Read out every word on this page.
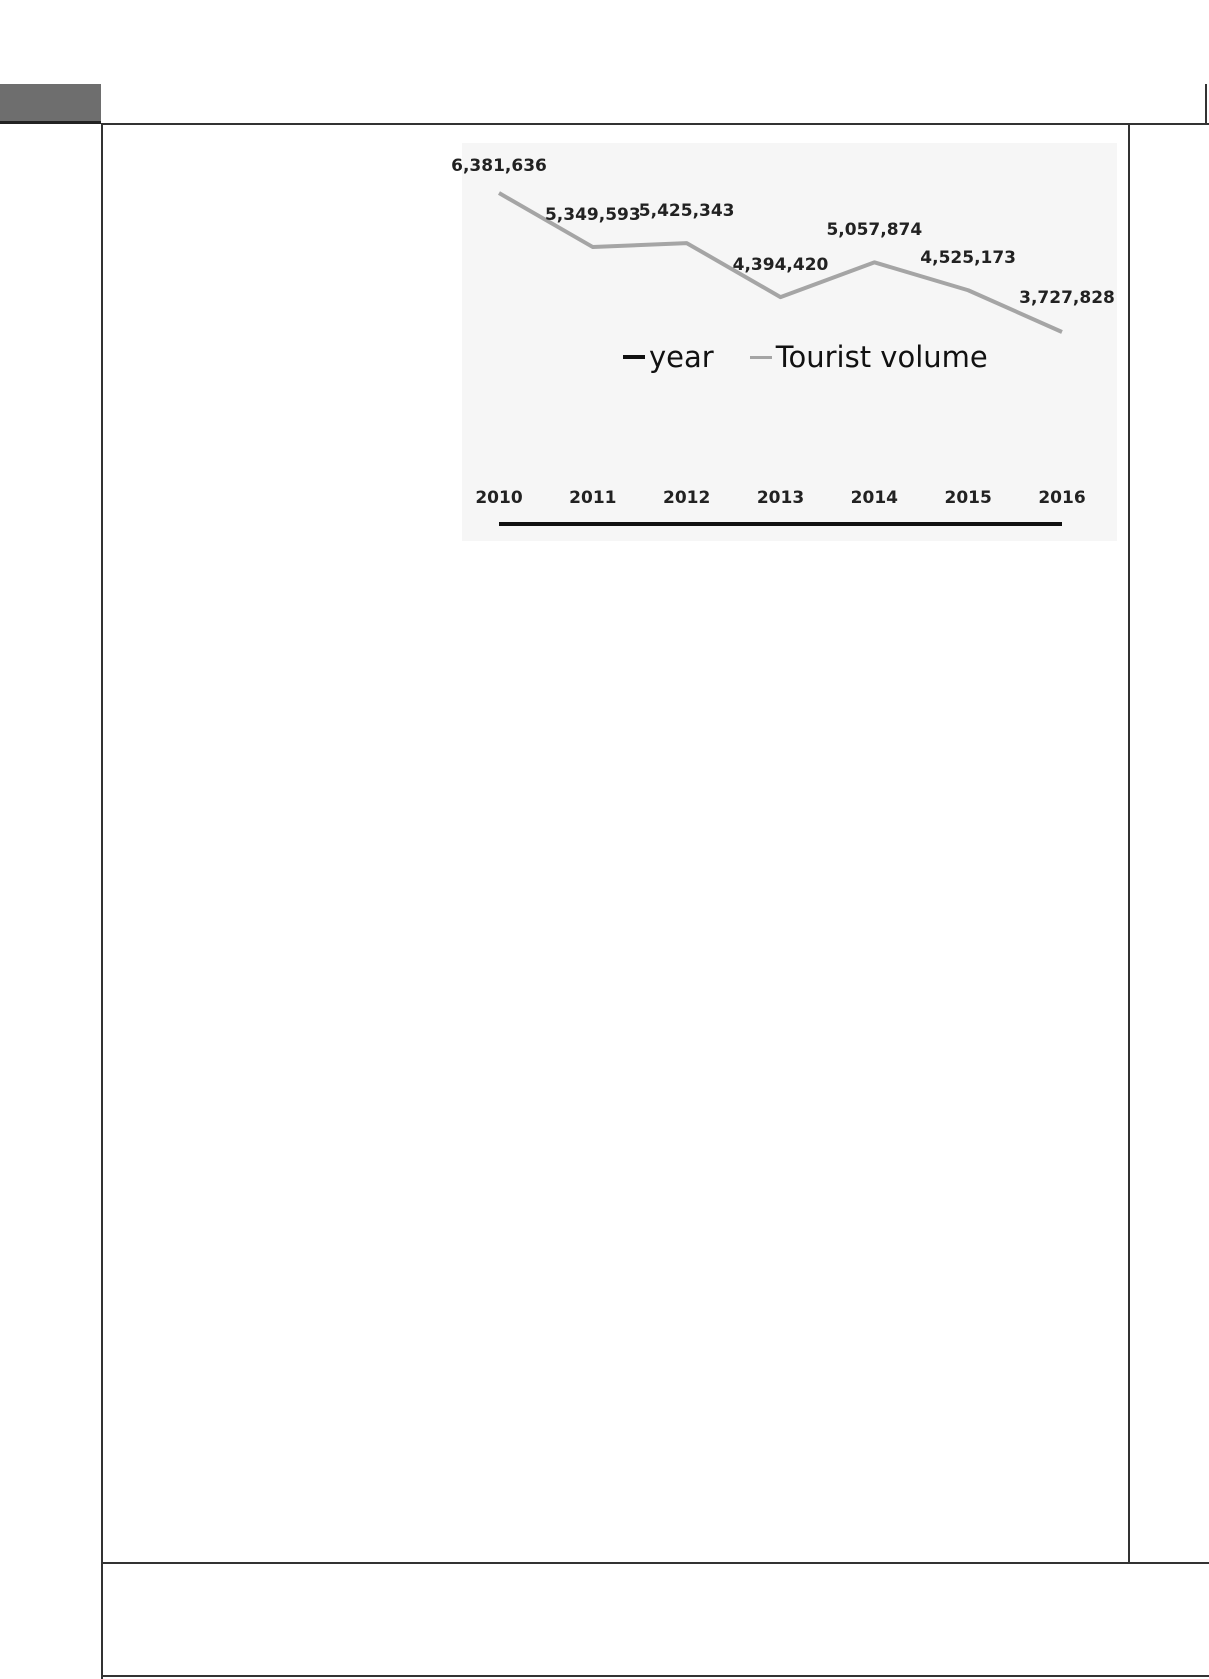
6,381,636
5,349,593
5,425,343
4,394,420
5,057,874
4,525,173
3,727,828
2010	2011	2012	2013	2014	2015	2016
year Tourist volume
